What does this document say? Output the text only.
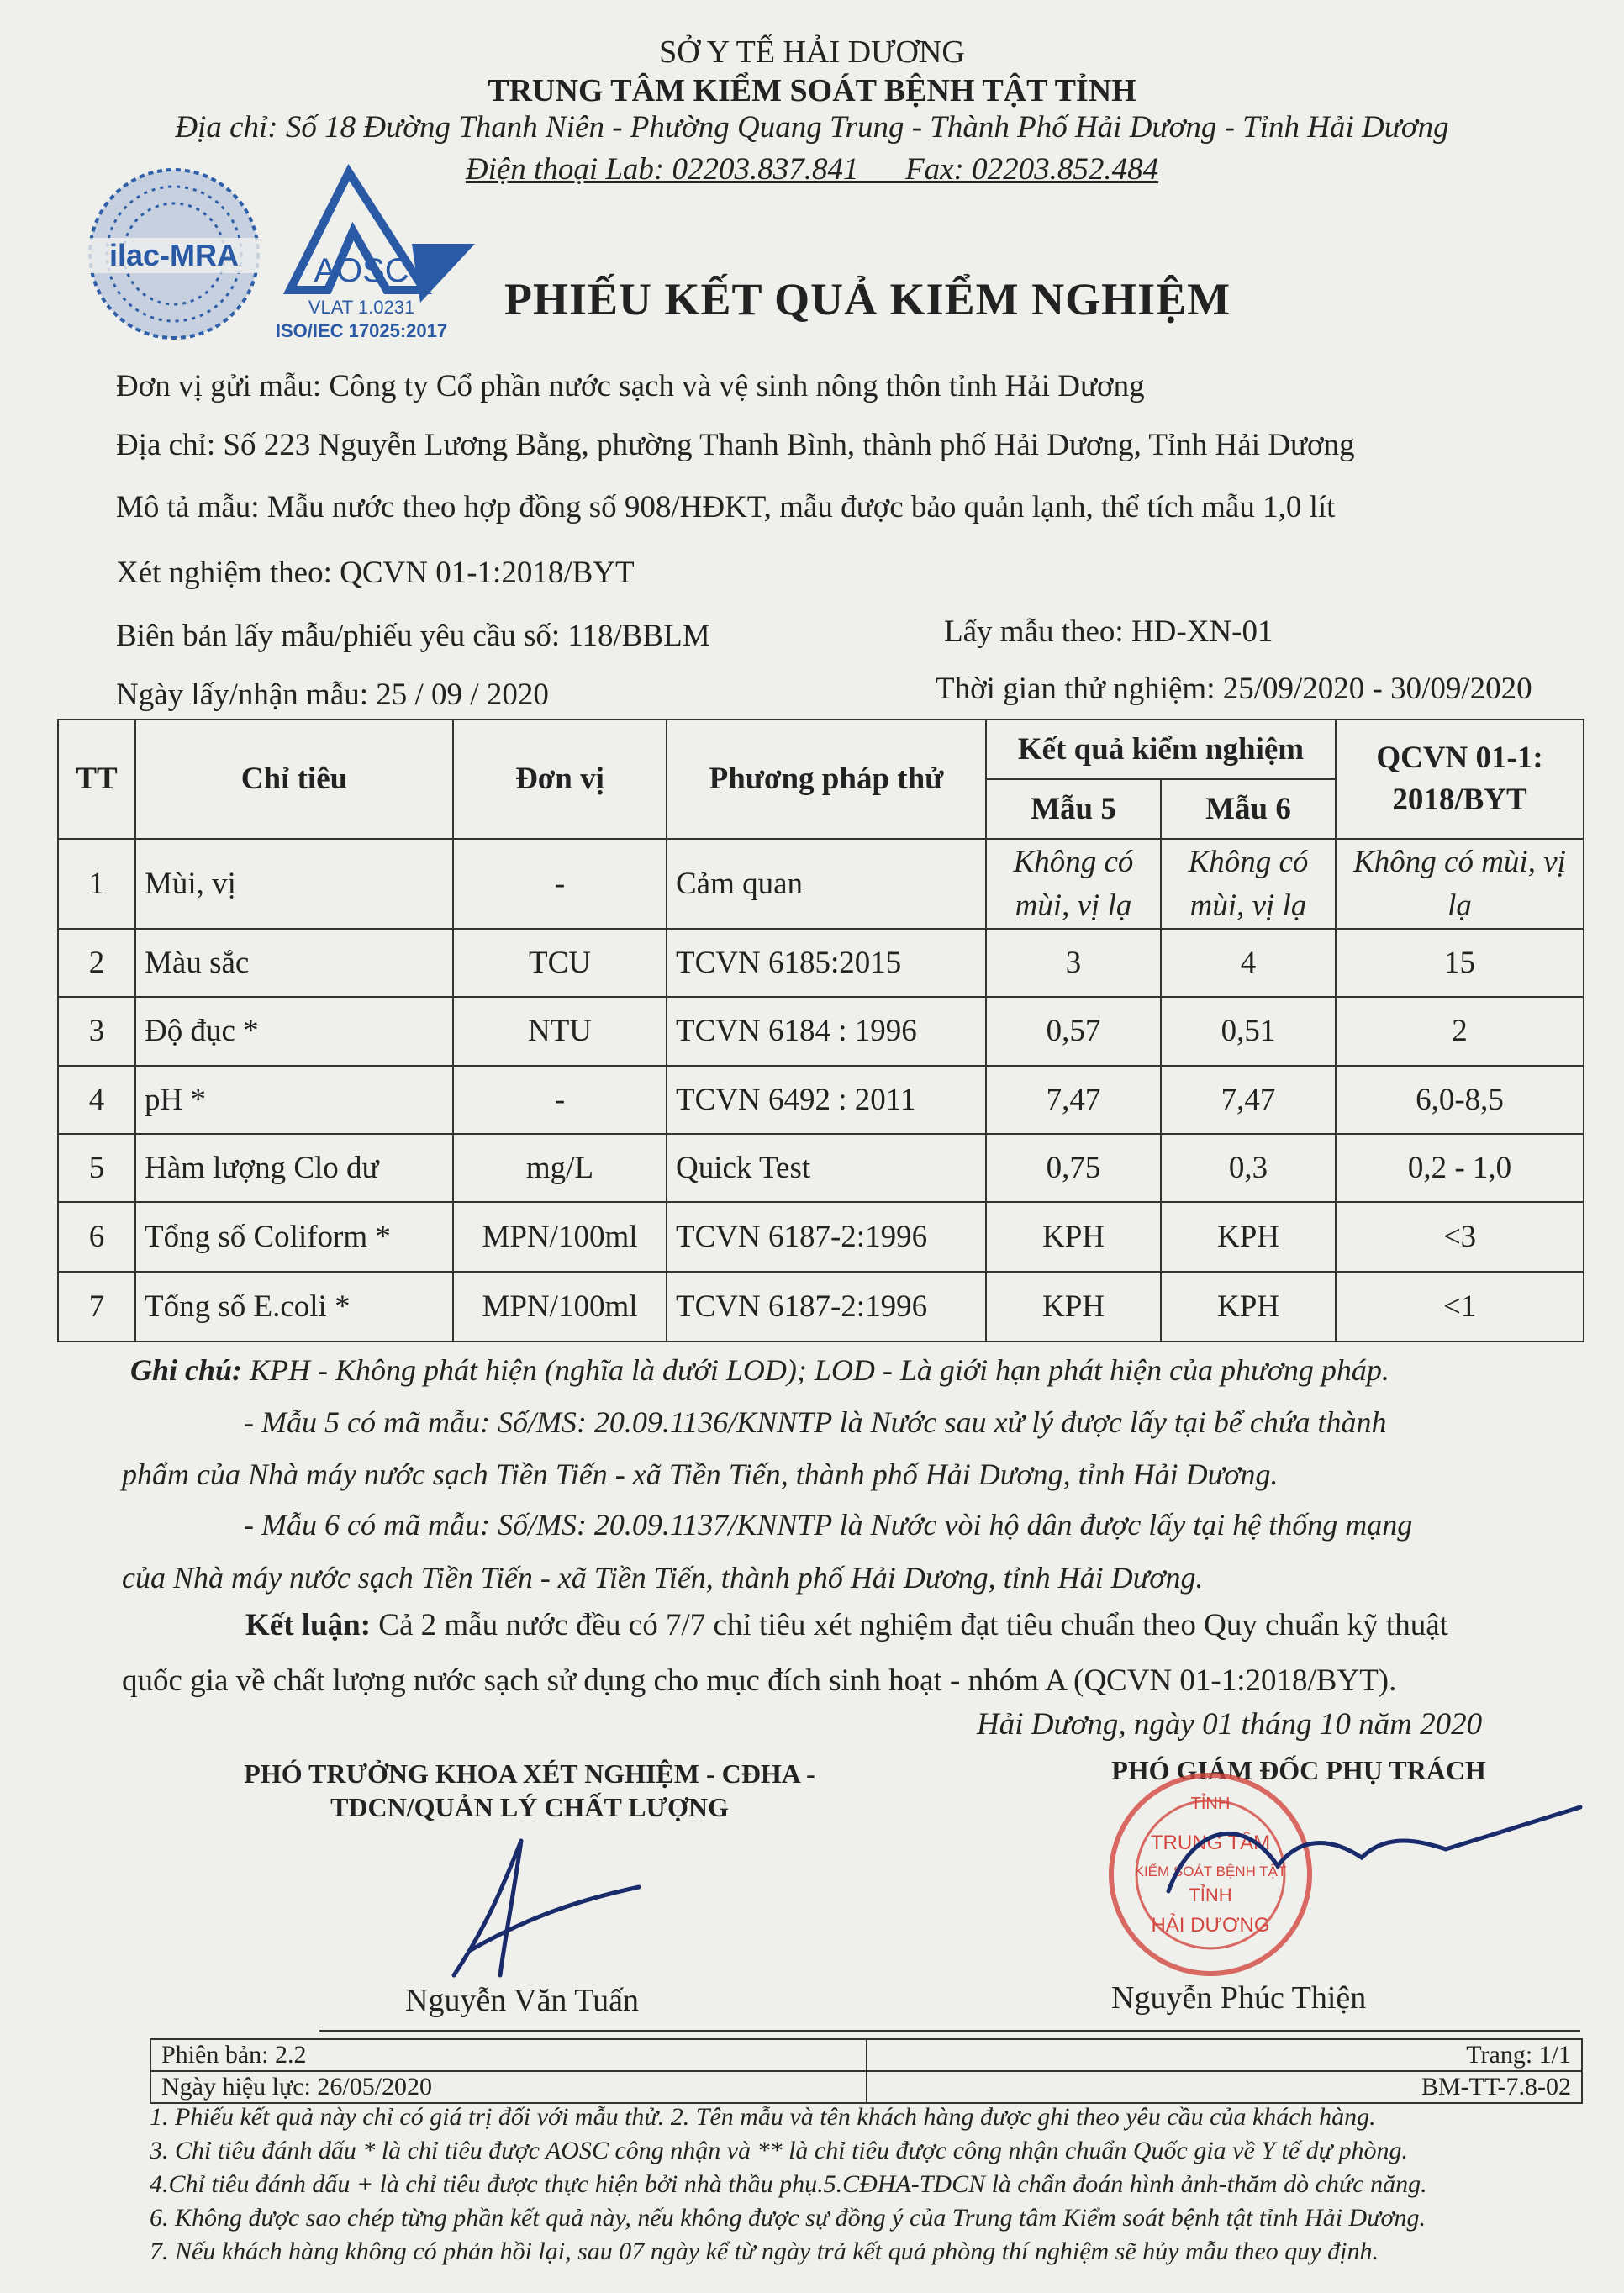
SỞ Y TẾ HẢI DƯƠNG
TRUNG TÂM KIỂM SOÁT BỆNH TẬT TỈNH
Địa chỉ: Số 18 Đường Thanh Niên - Phường Quang Trung - Thành Phố Hải Dương - Tỉnh Hải Dương
Điện thoại Lab: 02203.837.841      Fax: 02203.852.484
ilac-MRA AOSC
VLAT 1.0231
ISO/IEC 17025:2017
PHIẾU KẾT QUẢ KIỂM NGHIỆM
Đơn vị gửi mẫu: Công ty Cổ phần nước sạch và vệ sinh nông thôn tỉnh Hải Dương
Địa chỉ: Số 223 Nguyễn Lương Bằng, phường Thanh Bình, thành phố Hải Dương, Tỉnh Hải Dương
Mô tả mẫu: Mẫu nước theo hợp đồng số 908/HĐKT, mẫu được bảo quản lạnh, thể tích mẫu 1,0 lít
Xét nghiệm theo: QCVN 01-1:2018/BYT
Biên bản lấy mẫu/phiếu yêu cầu số: 118/BBLM	Lấy mẫu theo: HD-XN-01
Ngày lấy/nhận mẫu: 25 / 09 / 2020	Thời gian thử nghiệm: 25/09/2020 - 30/09/2020
TT	Chỉ tiêu	Đơn vị	Phương pháp thử	Kết quả kiểm nghiệm		QCVN 01-1:
2018/BYT
				Mẫu 5	Mẫu 6	
1	Mùi, vị	-	Cảm quan	Không có mùi, vị lạ	Không có mùi, vị lạ	Không có mùi, vị lạ
2	Màu sắc	TCU	TCVN 6185:2015	3	4	15
3	Độ đục *	NTU	TCVN 6184 : 1996	0,57	0,51	2
4	pH *	-	TCVN 6492 : 2011	7,47	7,47	6,0-8,5
5	Hàm lượng Clo dư	mg/L	Quick Test	0,75	0,3	0,2 - 1,0
6	Tổng số Coliform *	MPN/100ml	TCVN 6187-2:1996	KPH	KPH	<3
7	Tổng số E.coli *	MPN/100ml	TCVN 6187-2:1996	KPH	KPH	<1
Ghi chú: KPH - Không phát hiện (nghĩa là dưới LOD); LOD - Là giới hạn phát hiện của phương pháp.
- Mẫu 5 có mã mẫu: Số/MS: 20.09.1136/KNNTP là Nước sau xử lý được lấy tại bể chứa thành
phẩm của Nhà máy nước sạch Tiền Tiến - xã Tiền Tiến, thành phố Hải Dương, tỉnh Hải Dương.
- Mẫu 6 có mã mẫu: Số/MS: 20.09.1137/KNNTP là Nước vòi hộ dân được lấy tại hệ thống mạng
của Nhà máy nước sạch Tiền Tiến - xã Tiền Tiến, thành phố Hải Dương, tỉnh Hải Dương.
Kết luận: Cả 2 mẫu nước đều có 7/7 chỉ tiêu xét nghiệm đạt tiêu chuẩn theo Quy chuẩn kỹ thuật
quốc gia về chất lượng nước sạch sử dụng cho mục đích sinh hoạt - nhóm A (QCVN 01-1:2018/BYT).
Hải Dương, ngày 01 tháng 10 năm 2020
PHÓ TRƯỞNG KHOA XÉT NGHIỆM - CĐHA -
TDCN/QUẢN LÝ CHẤT LƯỢNG
PHÓ GIÁM ĐỐC PHỤ TRÁCH
TỈNH
TRUNG TÂM
KIỂM SOÁT BỆNH TẬT
TỈNH
HẢI DƯƠNG
Nguyễn Văn Tuấn	Nguyễn Phúc Thiện
Phiên bản: 2.2	Trang: 1/1
Ngày hiệu lực: 26/05/2020	BM-TT-7.8-02
1. Phiếu kết quả này chỉ có giá trị đối với mẫu thử. 2. Tên mẫu và tên khách hàng được ghi theo yêu cầu của khách hàng.
3. Chỉ tiêu đánh dấu * là chỉ tiêu được AOSC công nhận và ** là chỉ tiêu được công nhận chuẩn Quốc gia về Y tế dự phòng.
4.Chỉ tiêu đánh dấu + là chỉ tiêu được thực hiện bởi nhà thầu phụ.5.CĐHA-TDCN là chẩn đoán hình ảnh-thăm dò chức năng.
6. Không được sao chép từng phần kết quả này, nếu không được sự đồng ý của Trung tâm Kiểm soát bệnh tật tỉnh Hải Dương.
7. Nếu khách hàng không có phản hồi lại, sau 07 ngày kể từ ngày trả kết quả phòng thí nghiệm sẽ hủy mẫu theo quy định.
